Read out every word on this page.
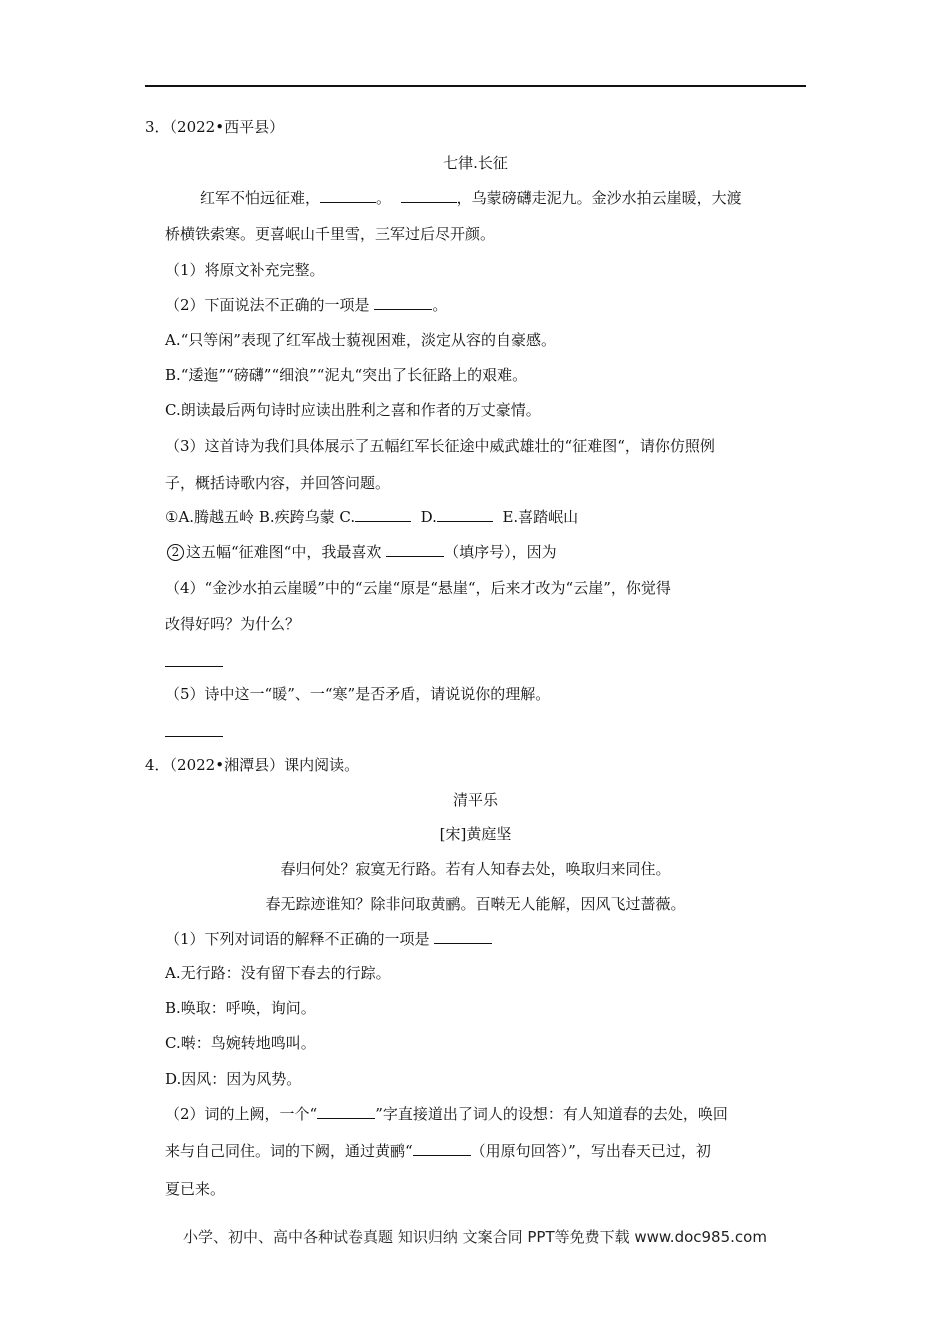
3．（2022•西平县）
七律.长征
红军不怕远征难，	。	，乌蒙磅礴走泥九。金沙水拍云崖暖，大渡
桥横铁索寒。更喜岷山千里雪，三军过后尽开颜。
（1）将原文补充完整。
（2）下面说法不正确的一项是	。
A.“只等闲”表现了红军战士藐视困难，淡定从容的自豪感。
B.“逶迤”“磅礴”“细浪”“泥丸“突出了长征路上的艰难。
C.朗读最后两句诗时应读出胜利之喜和作者的万丈豪情。
（3）这首诗为我们具体展示了五幅红军长征途中威武雄壮的“征难图“，请你仿照例
子，概括诗歌内容，并回答问题。
①A.腾越五岭 B.疾跨乌蒙 C.	D.	E.喜踏岷山
2 这五幅“征难图“中，我最喜欢	（填序号），因为
（4）“金沙水拍云崖暖”中的“云崖“原是“悬崖“，后来才改为“云崖”，你觉得
改得好吗？为什么？
（5）诗中这一“暖”、一“寒”是否矛盾，请说说你的理解。
4．（2022•湘潭县）课内阅读。
清平乐
[宋]黄庭坚
春归何处？寂寞无行路。若有人知春去处，唤取归来同住。
春无踪迹谁知？除非问取黄鹂。百啭无人能解，因风飞过蔷薇。
（1）下列对词语的解释不正确的一项是
A.无行路：没有留下春去的行踪。
B.唤取：呼唤，询问。
C.啭：鸟婉转地鸣叫。
D.因风：因为风势。
（2）词的上阙，一个“	”字直接道出了词人的设想：有人知道春的去处，唤回
来与自己同住。词的下阙，通过黄鹂“	（用原句回答）”，写出春天已过，初
夏已来。
小学、初中、高中各种试卷真题 知识归纳 文案合同 PPT等免费下载 www.doc985.com
